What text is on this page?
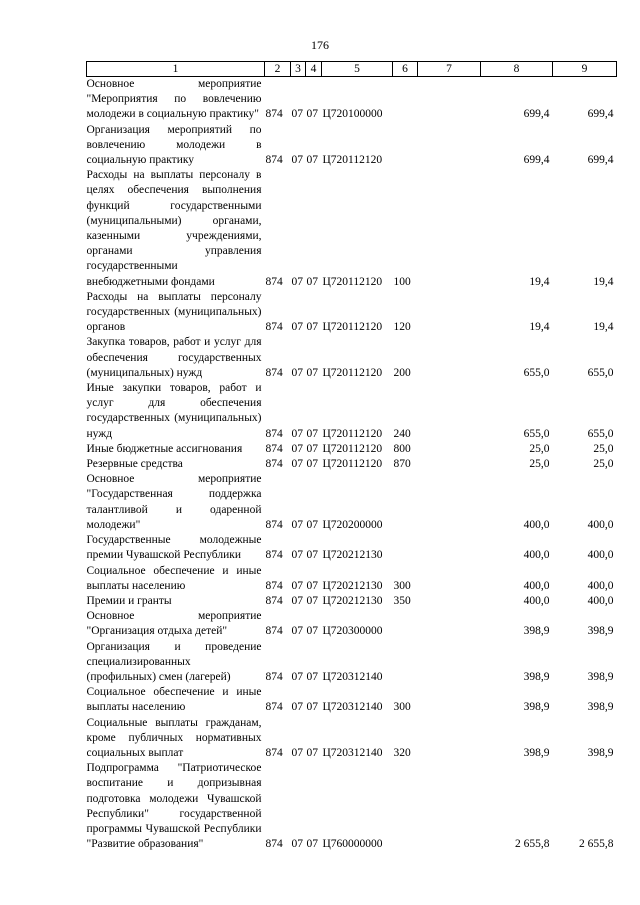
176
1	2	3	4	5	6	7	8	9
Основное мероприятие "Мероприятия по вовлечению молодежи в социальную практику"	874	07	07	Ц720100000			699,4	699,4
Организация мероприятий по вовлечению молодежи в социальную практику	874	07	07	Ц720112120			699,4	699,4
Расходы на выплаты персоналу в целях обеспечения выполнения функций государственными (муниципальными) органами, казенными учреждениями, органами управления государственными внебюджетными фондами	874	07	07	Ц720112120	100		19,4	19,4
Расходы на выплаты персоналу государственных (муниципальных) органов	874	07	07	Ц720112120	120		19,4	19,4
Закупка товаров, работ и услуг для обеспечения государственных (муниципальных) нужд	874	07	07	Ц720112120	200		655,0	655,0
Иные закупки товаров, работ и услуг для обеспечения государственных (муниципальных) нужд	874	07	07	Ц720112120	240		655,0	655,0
Иные бюджетные ассигнования	874	07	07	Ц720112120	800		25,0	25,0
Резервные средства	874	07	07	Ц720112120	870		25,0	25,0
Основное мероприятие "Государственная поддержка талантливой и одаренной молодежи"	874	07	07	Ц720200000			400,0	400,0
Государственные молодежные премии Чувашской Республики	874	07	07	Ц720212130			400,0	400,0
Социальное обеспечение и иные выплаты населению	874	07	07	Ц720212130	300		400,0	400,0
Премии и гранты	874	07	07	Ц720212130	350		400,0	400,0
Основное мероприятие "Организация отдыха детей"	874	07	07	Ц720300000			398,9	398,9
Организация и проведение специализированных (профильных) смен (лагерей)	874	07	07	Ц720312140			398,9	398,9
Социальное обеспечение и иные выплаты населению	874	07	07	Ц720312140	300		398,9	398,9
Социальные выплаты гражданам, кроме публичных нормативных социальных выплат	874	07	07	Ц720312140	320		398,9	398,9
Подпрограмма "Патриотическое воспитание и допризывная подготовка молодежи Чувашской Республики" государственной программы Чувашской Республики "Развитие образования"	874	07	07	Ц760000000			2 655,8	2 655,8
